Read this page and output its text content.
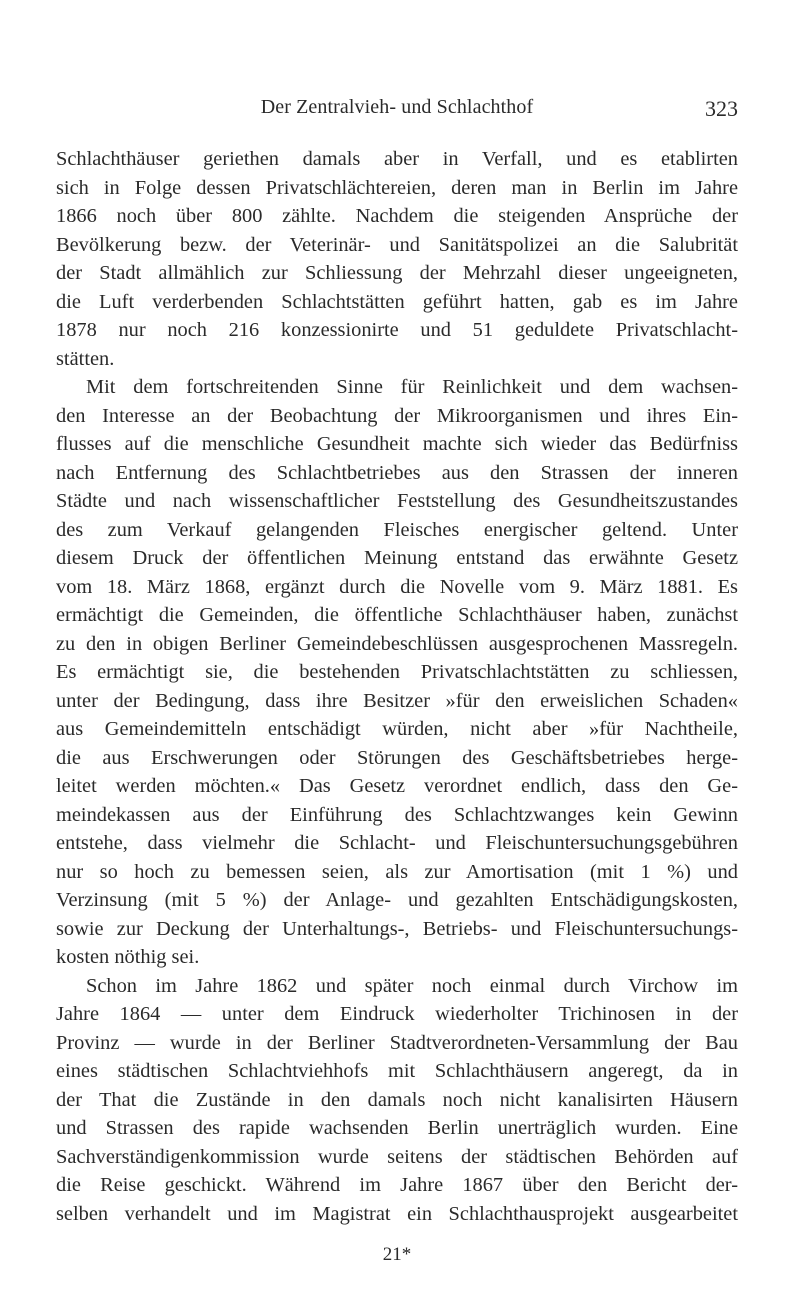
Der Zentralvieh- und Schlachthof	323
Schlachthäuser geriethen damals aber in Verfall, und es etablirten
sich in Folge dessen Privatschlächtereien, deren man in Berlin im Jahre
1866 noch über 800 zählte. Nachdem die steigenden Ansprüche der
Bevölkerung bezw. der Veterinär- und Sanitätspolizei an die Salubrität
der Stadt allmählich zur Schliessung der Mehrzahl dieser ungeeigneten,
die Luft verderbenden Schlachtstätten geführt hatten, gab es im Jahre
1878 nur noch 216 konzessionirte und 51 geduldete Privatschlacht-
stätten.
Mit dem fortschreitenden Sinne für Reinlichkeit und dem wachsen-
den Interesse an der Beobachtung der Mikroorganismen und ihres Ein-
flusses auf die menschliche Gesundheit machte sich wieder das Bedürfniss
nach Entfernung des Schlachtbetriebes aus den Strassen der inneren
Städte und nach wissenschaftlicher Feststellung des Gesundheitszustandes
des zum Verkauf gelangenden Fleisches energischer geltend. Unter
diesem Druck der öffentlichen Meinung entstand das erwähnte Gesetz
vom 18. März 1868, ergänzt durch die Novelle vom 9. März 1881. Es
ermächtigt die Gemeinden, die öffentliche Schlachthäuser haben, zunächst
zu den in obigen Berliner Gemeindebeschlüssen ausgesprochenen Massregeln.
Es ermächtigt sie, die bestehenden Privatschlachtstätten zu schliessen,
unter der Bedingung, dass ihre Besitzer »für den erweislichen Schaden«
aus Gemeindemitteln entschädigt würden, nicht aber »für Nachtheile,
die aus Erschwerungen oder Störungen des Geschäftsbetriebes herge-
leitet werden möchten.« Das Gesetz verordnet endlich, dass den Ge-
meindekassen aus der Einführung des Schlachtzwanges kein Gewinn
entstehe, dass vielmehr die Schlacht- und Fleischuntersuchungsgebühren
nur so hoch zu bemessen seien, als zur Amortisation (mit 1 %) und
Verzinsung (mit 5 %) der Anlage- und gezahlten Entschädigungskosten,
sowie zur Deckung der Unterhaltungs-, Betriebs- und Fleischuntersuchungs-
kosten nöthig sei.
Schon im Jahre 1862 und später noch einmal durch Virchow im
Jahre 1864 — unter dem Eindruck wiederholter Trichinosen in der
Provinz — wurde in der Berliner Stadtverordneten-Versammlung der Bau
eines städtischen Schlachtviehhofs mit Schlachthäusern angeregt, da in
der That die Zustände in den damals noch nicht kanalisirten Häusern
und Strassen des rapide wachsenden Berlin unerträglich wurden. Eine
Sachverständigenkommission wurde seitens der städtischen Behörden auf
die Reise geschickt. Während im Jahre 1867 über den Bericht der-
selben verhandelt und im Magistrat ein Schlachthausprojekt ausgearbeitet
21*
